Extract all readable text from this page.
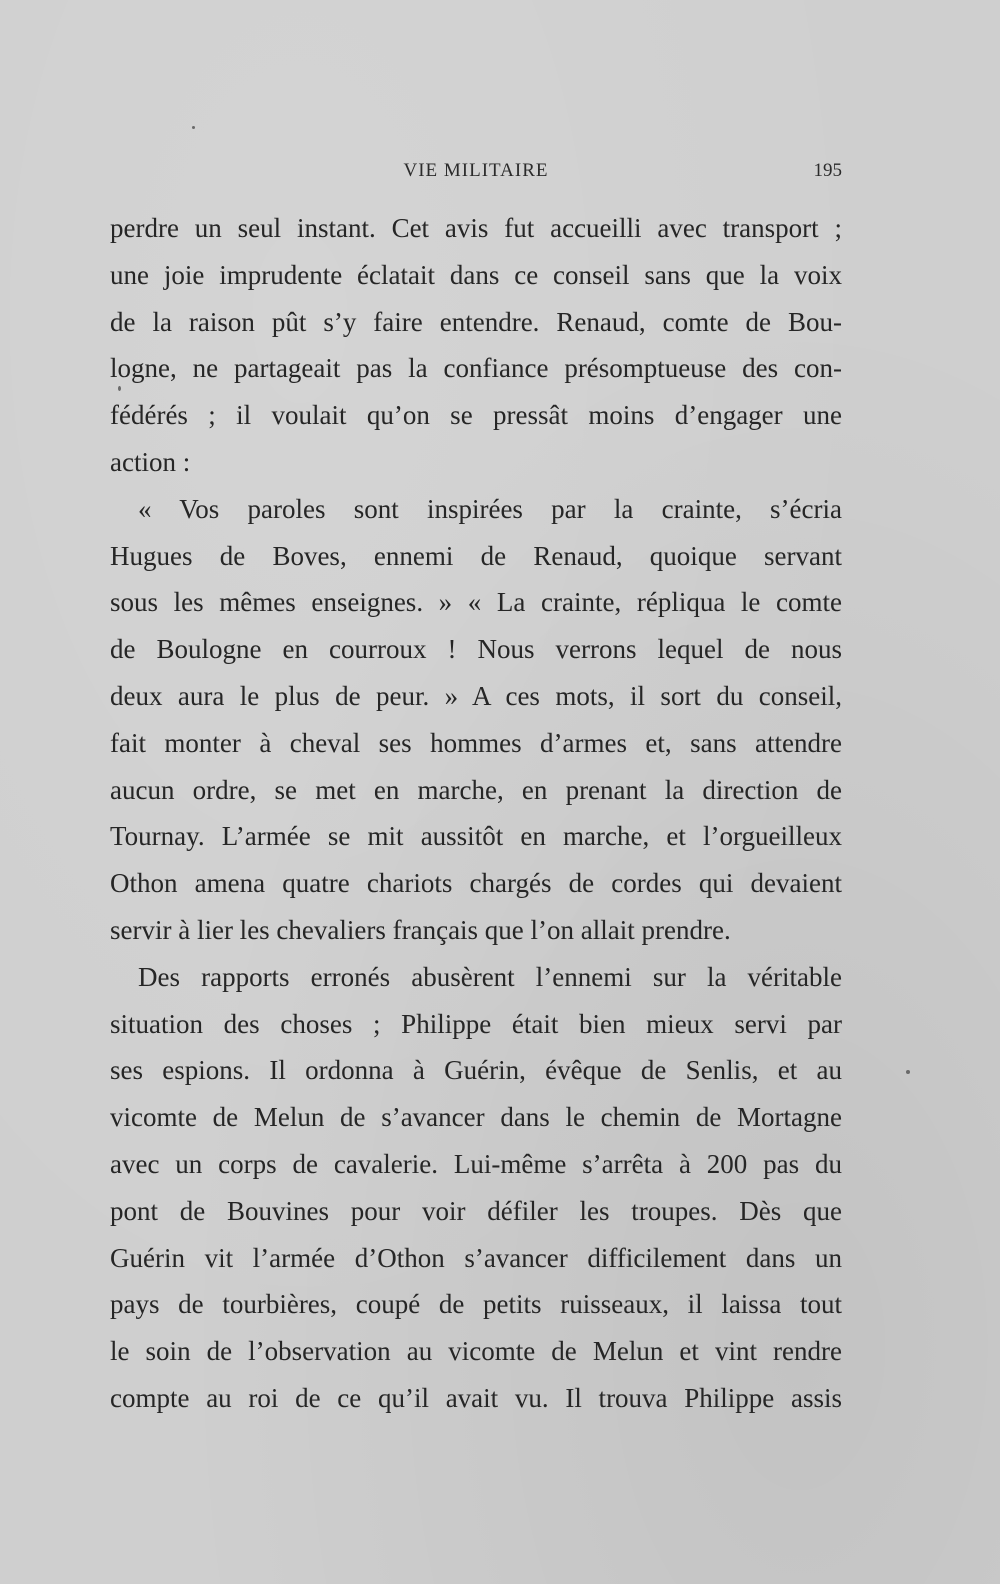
VIE MILITAIRE	195
perdre un seul instant. Cet avis fut accueilli avec transport ;
une joie imprudente éclatait dans ce conseil sans que la voix
de la raison pût s’y faire entendre. Renaud, comte de Bou-
logne, ne partageait pas la confiance présomptueuse des con-
fédérés ; il voulait qu’on se pressât moins d’engager une
action :
« Vos paroles sont inspirées par la crainte, s’écria
Hugues de Boves, ennemi de Renaud, quoique servant
sous les mêmes enseignes. » « La crainte, répliqua le comte
de Boulogne en courroux ! Nous verrons lequel de nous
deux aura le plus de peur. » A ces mots, il sort du conseil,
fait monter à cheval ses hommes d’armes et, sans attendre
aucun ordre, se met en marche, en prenant la direction de
Tournay. L’armée se mit aussitôt en marche, et l’orgueilleux
Othon amena quatre chariots chargés de cordes qui devaient
servir à lier les chevaliers français que l’on allait prendre.
Des rapports erronés abusèrent l’ennemi sur la véritable
situation des choses ; Philippe était bien mieux servi par
ses espions. Il ordonna à Guérin, évêque de Senlis, et au
vicomte de Melun de s’avancer dans le chemin de Mortagne
avec un corps de cavalerie. Lui-même s’arrêta à 200 pas du
pont de Bouvines pour voir défiler les troupes. Dès que
Guérin vit l’armée d’Othon s’avancer difficilement dans un
pays de tourbières, coupé de petits ruisseaux, il laissa tout
le soin de l’observation au vicomte de Melun et vint rendre
compte au roi de ce qu’il avait vu. Il trouva Philippe assis
